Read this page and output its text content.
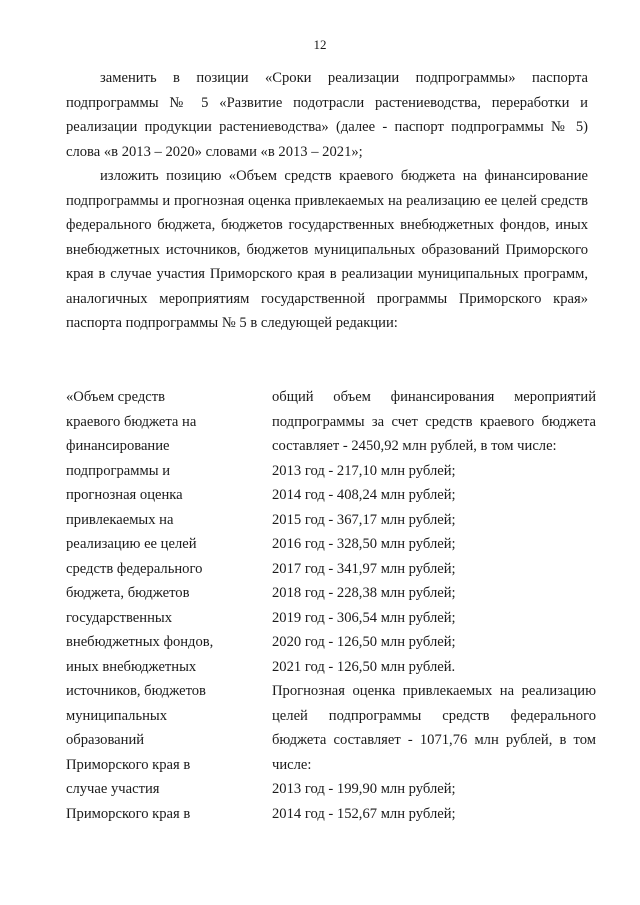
12

заменить в позиции «Сроки реализации подпрограммы» паспорта подпрограммы № 5 «Развитие подотрасли растениеводства, переработки и реализации продукции растениеводства» (далее - паспорт подпрограммы № 5) слова «в 2013 – 2020» словами «в 2013 – 2021»;

изложить позицию «Объем средств краевого бюджета на финансирование подпрограммы и прогнозная оценка привлекаемых на реализацию ее целей средств федерального бюджета, бюджетов государственных внебюджетных фондов, иных внебюджетных источников, бюджетов муниципальных образований Приморского края в случае участия Приморского края в реализации муниципальных программ, аналогичных мероприятиям государственной программы Приморского края» паспорта подпрограммы № 5 в следующей редакции:

«Объем средств
краевого бюджета на
финансирование
подпрограммы и
прогнозная оценка
привлекаемых на
реализацию ее целей
средств федерального
бюджета, бюджетов
государственных
внебюджетных фондов,
иных внебюджетных
источников, бюджетов
муниципальных
образований
Приморского края в
случае участия
Приморского края в
общий объем финансирования мероприятий
подпрограммы за счет средств краевого бюджета
составляет - 2450,92 млн рублей, в том числе:
2013 год - 217,10 млн рублей;
2014 год - 408,24 млн рублей;
2015 год - 367,17 млн рублей;
2016 год - 328,50 млн рублей;
2017 год - 341,97 млн рублей;
2018 год - 228,38 млн рублей;
2019 год - 306,54 млн рублей;
2020 год - 126,50 млн рублей;
2021 год - 126,50 млн рублей.
Прогнозная оценка привлекаемых на реализацию
целей подпрограммы средств федерального
бюджета составляет - 1071,76 млн рублей, в том
числе:
2013 год - 199,90 млн рублей;
2014 год - 152,67 млн рублей;
